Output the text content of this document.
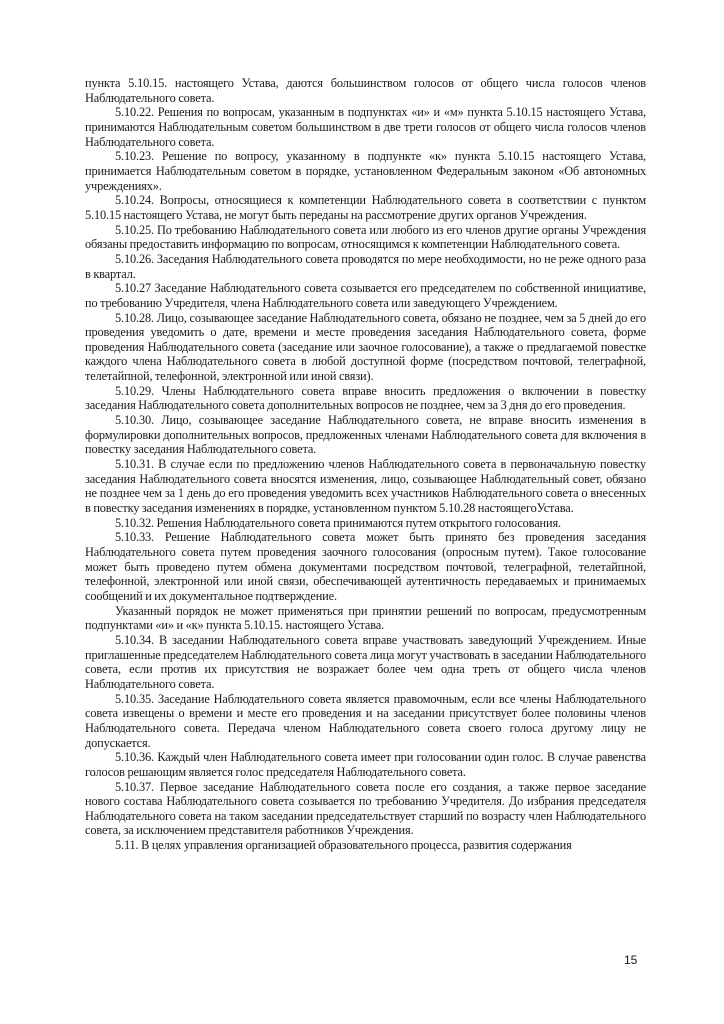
пункта 5.10.15. настоящего Устава, даются большинством голосов от общего числа голосов членов Наблюдательного совета.

5.10.22. Решения по вопросам, указанным в подпунктах «и» и «м» пункта 5.10.15 настоящего Устава, принимаются Наблюдательным советом большинством в две трети голосов от общего числа голосов членов Наблюдательного совета.

5.10.23. Решение по вопросу, указанному в подпункте «к» пункта 5.10.15 настоящего Устава, принимается Наблюдательным советом в порядке, установленном Федеральным законом «Об автономных учреждениях».

5.10.24. Вопросы, относящиеся к компетенции Наблюдательного совета в соответствии с пунктом 5.10.15 настоящего Устава, не могут быть переданы на рассмотрение других органов Учреждения.

5.10.25. По требованию Наблюдательного совета или любого из его членов другие органы Учреждения обязаны предоставить информацию по вопросам, относящимся к компетенции Наблюдательного совета.

5.10.26. Заседания Наблюдательного совета проводятся по мере необходимости, но не реже одного раза в квартал.

5.10.27 Заседание Наблюдательного совета созывается его председателем по собственной инициативе, по требованию Учредителя, члена Наблюдательного совета или заведующего Учреждением.

5.10.28. Лицо, созывающее заседание Наблюдательного совета, обязано не позднее, чем за 5 дней до его проведения уведомить о дате, времени и месте проведения заседания Наблюдательного совета, форме проведения Наблюдательного совета (заседание или заочное голосование), а также о предлагаемой повестке каждого члена Наблюдательного совета в любой доступной форме (посредством почтовой, телеграфной, телетайпной, телефонной, электронной или иной связи).

5.10.29. Члены Наблюдательного совета вправе вносить предложения о включении в повестку заседания Наблюдательного совета дополнительных вопросов не позднее, чем за 3 дня до его проведения.

5.10.30. Лицо, созывающее заседание Наблюдательного совета, не вправе вносить изменения в формулировки дополнительных вопросов, предложенных членами Наблюдательного совета для включения в повестку заседания Наблюдательного совета.

5.10.31. В случае если по предложению членов Наблюдательного совета в первоначальную повестку заседания Наблюдательного совета вносятся изменения, лицо, созывающее Наблюдательный совет, обязано не позднее чем за 1 день до его проведения уведомить всех участников Наблюдательного совета о внесенных в повестку заседания изменениях в порядке, установленном пунктом 5.10.28 настоящегоУстава.

5.10.32. Решения Наблюдательного совета принимаются путем открытого голосования.

5.10.33. Решение Наблюдательного совета может быть принято без проведения заседания Наблюдательного совета путем проведения заочного голосования (опросным путем). Такое голосование может быть проведено путем обмена документами посредством почтовой, телеграфной, телетайпной, телефонной, электронной или иной связи, обеспечивающей аутентичность передаваемых и принимаемых сообщений и их документальное подтверждение.

Указанный порядок не может применяться при принятии решений по вопросам, предусмотренным подпунктами «и» и «к» пункта 5.10.15. настоящего Устава.

5.10.34. В заседании Наблюдательного совета вправе участвовать заведующий Учреждением. Иные приглашенные председателем Наблюдательного совета лица могут участвовать в заседании Наблюдательного совета, если против их присутствия не возражает более чем одна треть от общего числа членов Наблюдательного совета.

5.10.35. Заседание Наблюдательного совета является правомочным, если все члены Наблюдательного совета извещены о времени и месте его проведения и на заседании присутствует более половины членов Наблюдательного совета. Передача членом Наблюдательного совета своего голоса другому лицу не допускается.

5.10.36. Каждый член Наблюдательного совета имеет при голосовании один голос. В случае равенства голосов решающим является голос председателя Наблюдательного совета.

5.10.37. Первое заседание Наблюдательного совета после его создания, а также первое заседание нового состава Наблюдательного совета созывается по требованию Учредителя. До избрания председателя Наблюдательного совета на таком заседании председательствует старший по возрасту член Наблюдательного совета, за исключением представителя работников Учреждения.

5.11. В целях управления организацией образовательного процесса, развития содержания

15
